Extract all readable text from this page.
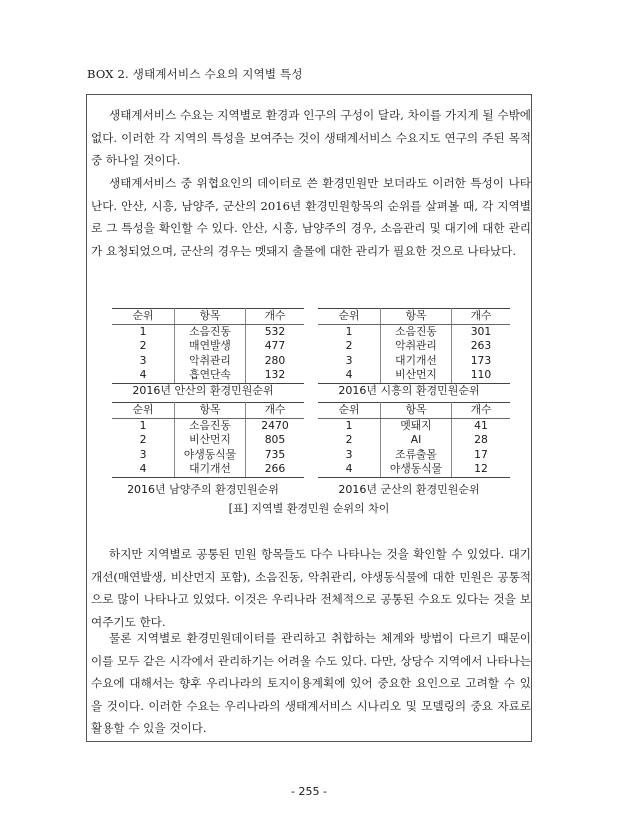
BOX 2. 생태계서비스 수요의 지역별 특성
생태계서비스 수요는 지역별로 환경과 인구의 구성이 달라, 차이를 가지게 될 수밖에 없다. 이러한 각 지역의 특성을 보여주는 것이 생태계서비스 수요지도 연구의 주된 목적 중 하나일 것이다.
생태계서비스 중 위협요인의 데이터로 쓴 환경민원만 보더라도 이러한 특성이 나타난다. 안산, 시흥, 남양주, 군산의 2016년 환경민원항목의 순위를 살펴볼 때, 각 지역별로 그 특성을 확인할 수 있다. 안산, 시흥, 남양주의 경우, 소음관리 및 대기에 대한 관리가 요청되었으며, 군산의 경우는 멧돼지 출몰에 대한 관리가 필요한 것으로 나타났다.
순위	항목	개수
1	소음진동	532
2	매연발생	477
3	악취관리	280
4	흡연단속	132
2016년 안산의 환경민원순위
순위	항목	개수
1	소음진동	301
2	악취관리	263
3	대기개선	173
4	비산먼지	110
2016년 시흥의 환경민원순위
순위	항목	개수
1	소음진동	2470
2	비산먼지	805
3	야생동식물	735
4	대기개선	266
2016년 남양주의 환경민원순위
순위	항목	개수
1	멧돼지	41
2	AI	28
3	조류출몰	17
4	야생동식물	12
2016년 군산의 환경민원순위
[표] 지역별 환경민원 순위의 차이
하지만 지역별로 공통된 민원 항목들도 다수 나타나는 것을 확인할 수 있었다. 대기개선(매연발생, 비산먼지 포함), 소음진동, 악취관리, 야생동식물에 대한 민원은 공통적으로 많이 나타나고 있었다. 이것은 우리나라 전체적으로 공통된 수요도 있다는 것을 보여주기도 한다.
물론 지역별로 환경민원데이터를 관리하고 취합하는 체계와 방법이 다르기 때문이 이를 모두 같은 시각에서 관리하기는 어려울 수도 있다. 다만, 상당수 지역에서 나타나는 수요에 대해서는 향후 우리나라의 토지이용계획에 있어 중요한 요인으로 고려할 수 있을 것이다. 이러한 수요는 우리나라의 생태계서비스 시나리오 및 모델링의 중요 자료로 활용할 수 있을 것이다.
- 255 -
